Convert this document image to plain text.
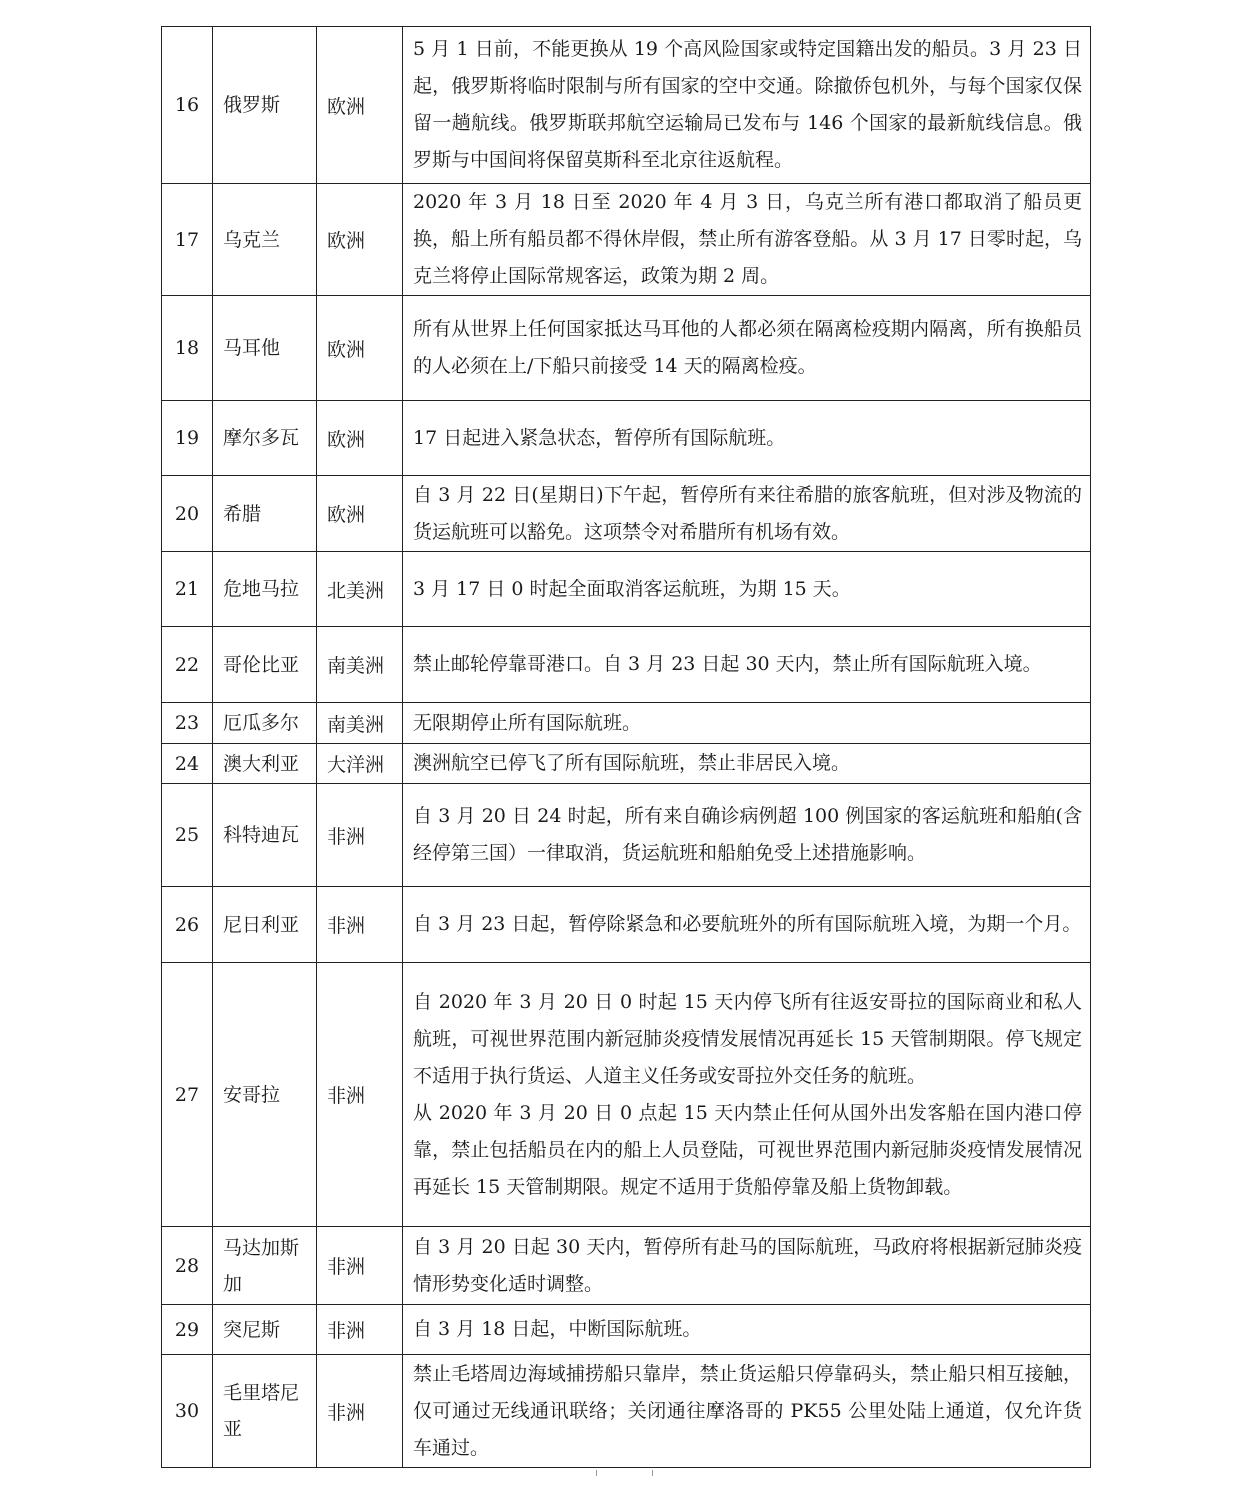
16	俄罗斯	欧洲	5 月 1 日前，不能更换从 19 个高风险国家或特定国籍出发的船员。3 月 23 日起，俄罗斯将临时限制与所有国家的空中交通。除撤侨包机外，与每个国家仅保留一趟航线。俄罗斯联邦航空运输局已发布与 146 个国家的最新航线信息。俄罗斯与中国间将保留莫斯科至北京往返航程。

17	乌克兰	欧洲	2020 年 3 月 18 日至 2020 年 4 月 3 日，乌克兰所有港口都取消了船员更换，船上所有船员都不得休岸假，禁止所有游客登船。从 3 月 17 日零时起，乌克兰将停止国际常规客运，政策为期 2 周。

18	马耳他	欧洲	所有从世界上任何国家抵达马耳他的人都必须在隔离检疫期内隔离，所有换船员的人必须在上/下船只前接受 14 天的隔离检疫。

19	摩尔多瓦	欧洲	17 日起进入紧急状态，暂停所有国际航班。

20	希腊	欧洲	自 3 月 22 日(星期日)下午起，暂停所有来往希腊的旅客航班，但对涉及物流的货运航班可以豁免。这项禁令对希腊所有机场有效。

21	危地马拉	北美洲	3 月 17 日 0 时起全面取消客运航班，为期 15 天。

22	哥伦比亚	南美洲	禁止邮轮停靠哥港口。自 3 月 23 日起 30 天内，禁止所有国际航班入境。

23	厄瓜多尔	南美洲	无限期停止所有国际航班。

24	澳大利亚	大洋洲	澳洲航空已停飞了所有国际航班，禁止非居民入境。

25	科特迪瓦	非洲	自 3 月 20 日 24 时起，所有来自确诊病例超 100 例国家的客运航班和船舶(含经停第三国）一律取消，货运航班和船舶免受上述措施影响。

26	尼日利亚	非洲	自 3 月 23 日起，暂停除紧急和必要航班外的所有国际航班入境，为期一个月。

27	安哥拉	非洲	自 2020 年 3 月 20 日 0 时起 15 天内停飞所有往返安哥拉的国际商业和私人航班，可视世界范围内新冠肺炎疫情发展情况再延长 15 天管制期限。停飞规定不适用于执行货运、人道主义任务或安哥拉外交任务的航班。
从 2020 年 3 月 20 日 0 点起 15 天内禁止任何从国外出发客船在国内港口停靠，禁止包括船员在内的船上人员登陆，可视世界范围内新冠肺炎疫情发展情况再延长 15 天管制期限。规定不适用于货船停靠及船上货物卸载。

28	马达加斯加	非洲	自 3 月 20 日起 30 天内，暂停所有赴马的国际航班，马政府将根据新冠肺炎疫情形势变化适时调整。

29	突尼斯	非洲	自 3 月 18 日起，中断国际航班。

30	毛里塔尼亚	非洲	禁止毛塔周边海域捕捞船只靠岸，禁止货运船只停靠码头，禁止船只相互接触，仅可通过无线通讯联络；关闭通往摩洛哥的 PK55 公里处陆上通道，仅允许货车通过。
